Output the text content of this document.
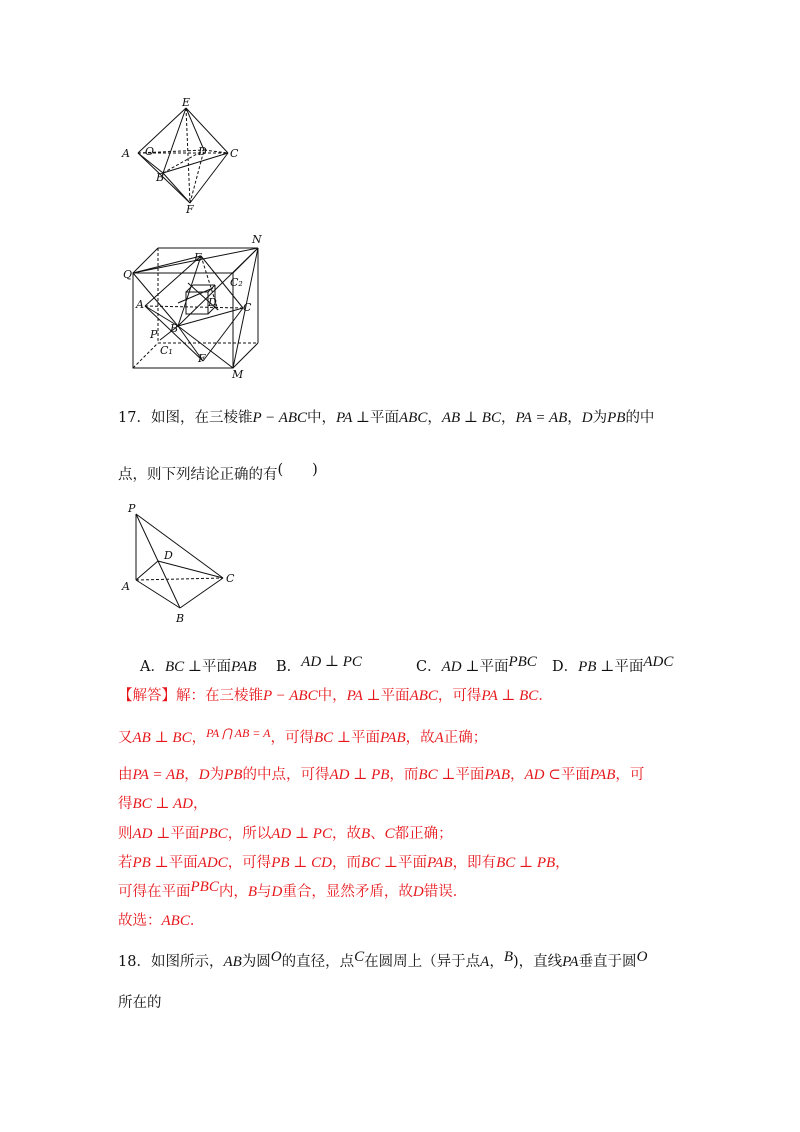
E
A O	D C
B
F
Q
N
E
C₂
A	C
D
P B
C₁
F
M
17．如图，在三棱锥P − ABC中，PA ⊥平面ABC，AB ⊥ BC，PA = AB，D为PB的中
点，则下列结论正确的有(　　)
P
D
A
C
B
A．BC ⊥平面PAB B．AD ⊥ PC	C．AD ⊥平面PBC D．PB ⊥平面ADC
【解答】解：在三棱锥P − ABC中，PA ⊥平面ABC，可得PA ⊥ BC．
又AB ⊥ BC，$^{PA ⋂ AB = A}$，可得BC ⊥平面PAB，故A正确；
由PA = AB，D为PB的中点，可得AD ⊥ PB，而BC ⊥平面PAB，AD ⊂平面PAB，可
得BC ⊥ AD，
则AD ⊥平面PBC，所以AD ⊥ PC，故B、C都正确；
若PB ⊥平面ADC，可得PB ⊥ CD，而BC ⊥平面PAB，即有BC ⊥ PB，
可得在平面PBC内，B与D重合，显然矛盾，故D错误．
故选：ABC．
18．如图所示，AB为圆O的直径，点C在圆周上（异于点A，B)，直线PA垂直于圆O
所在的
